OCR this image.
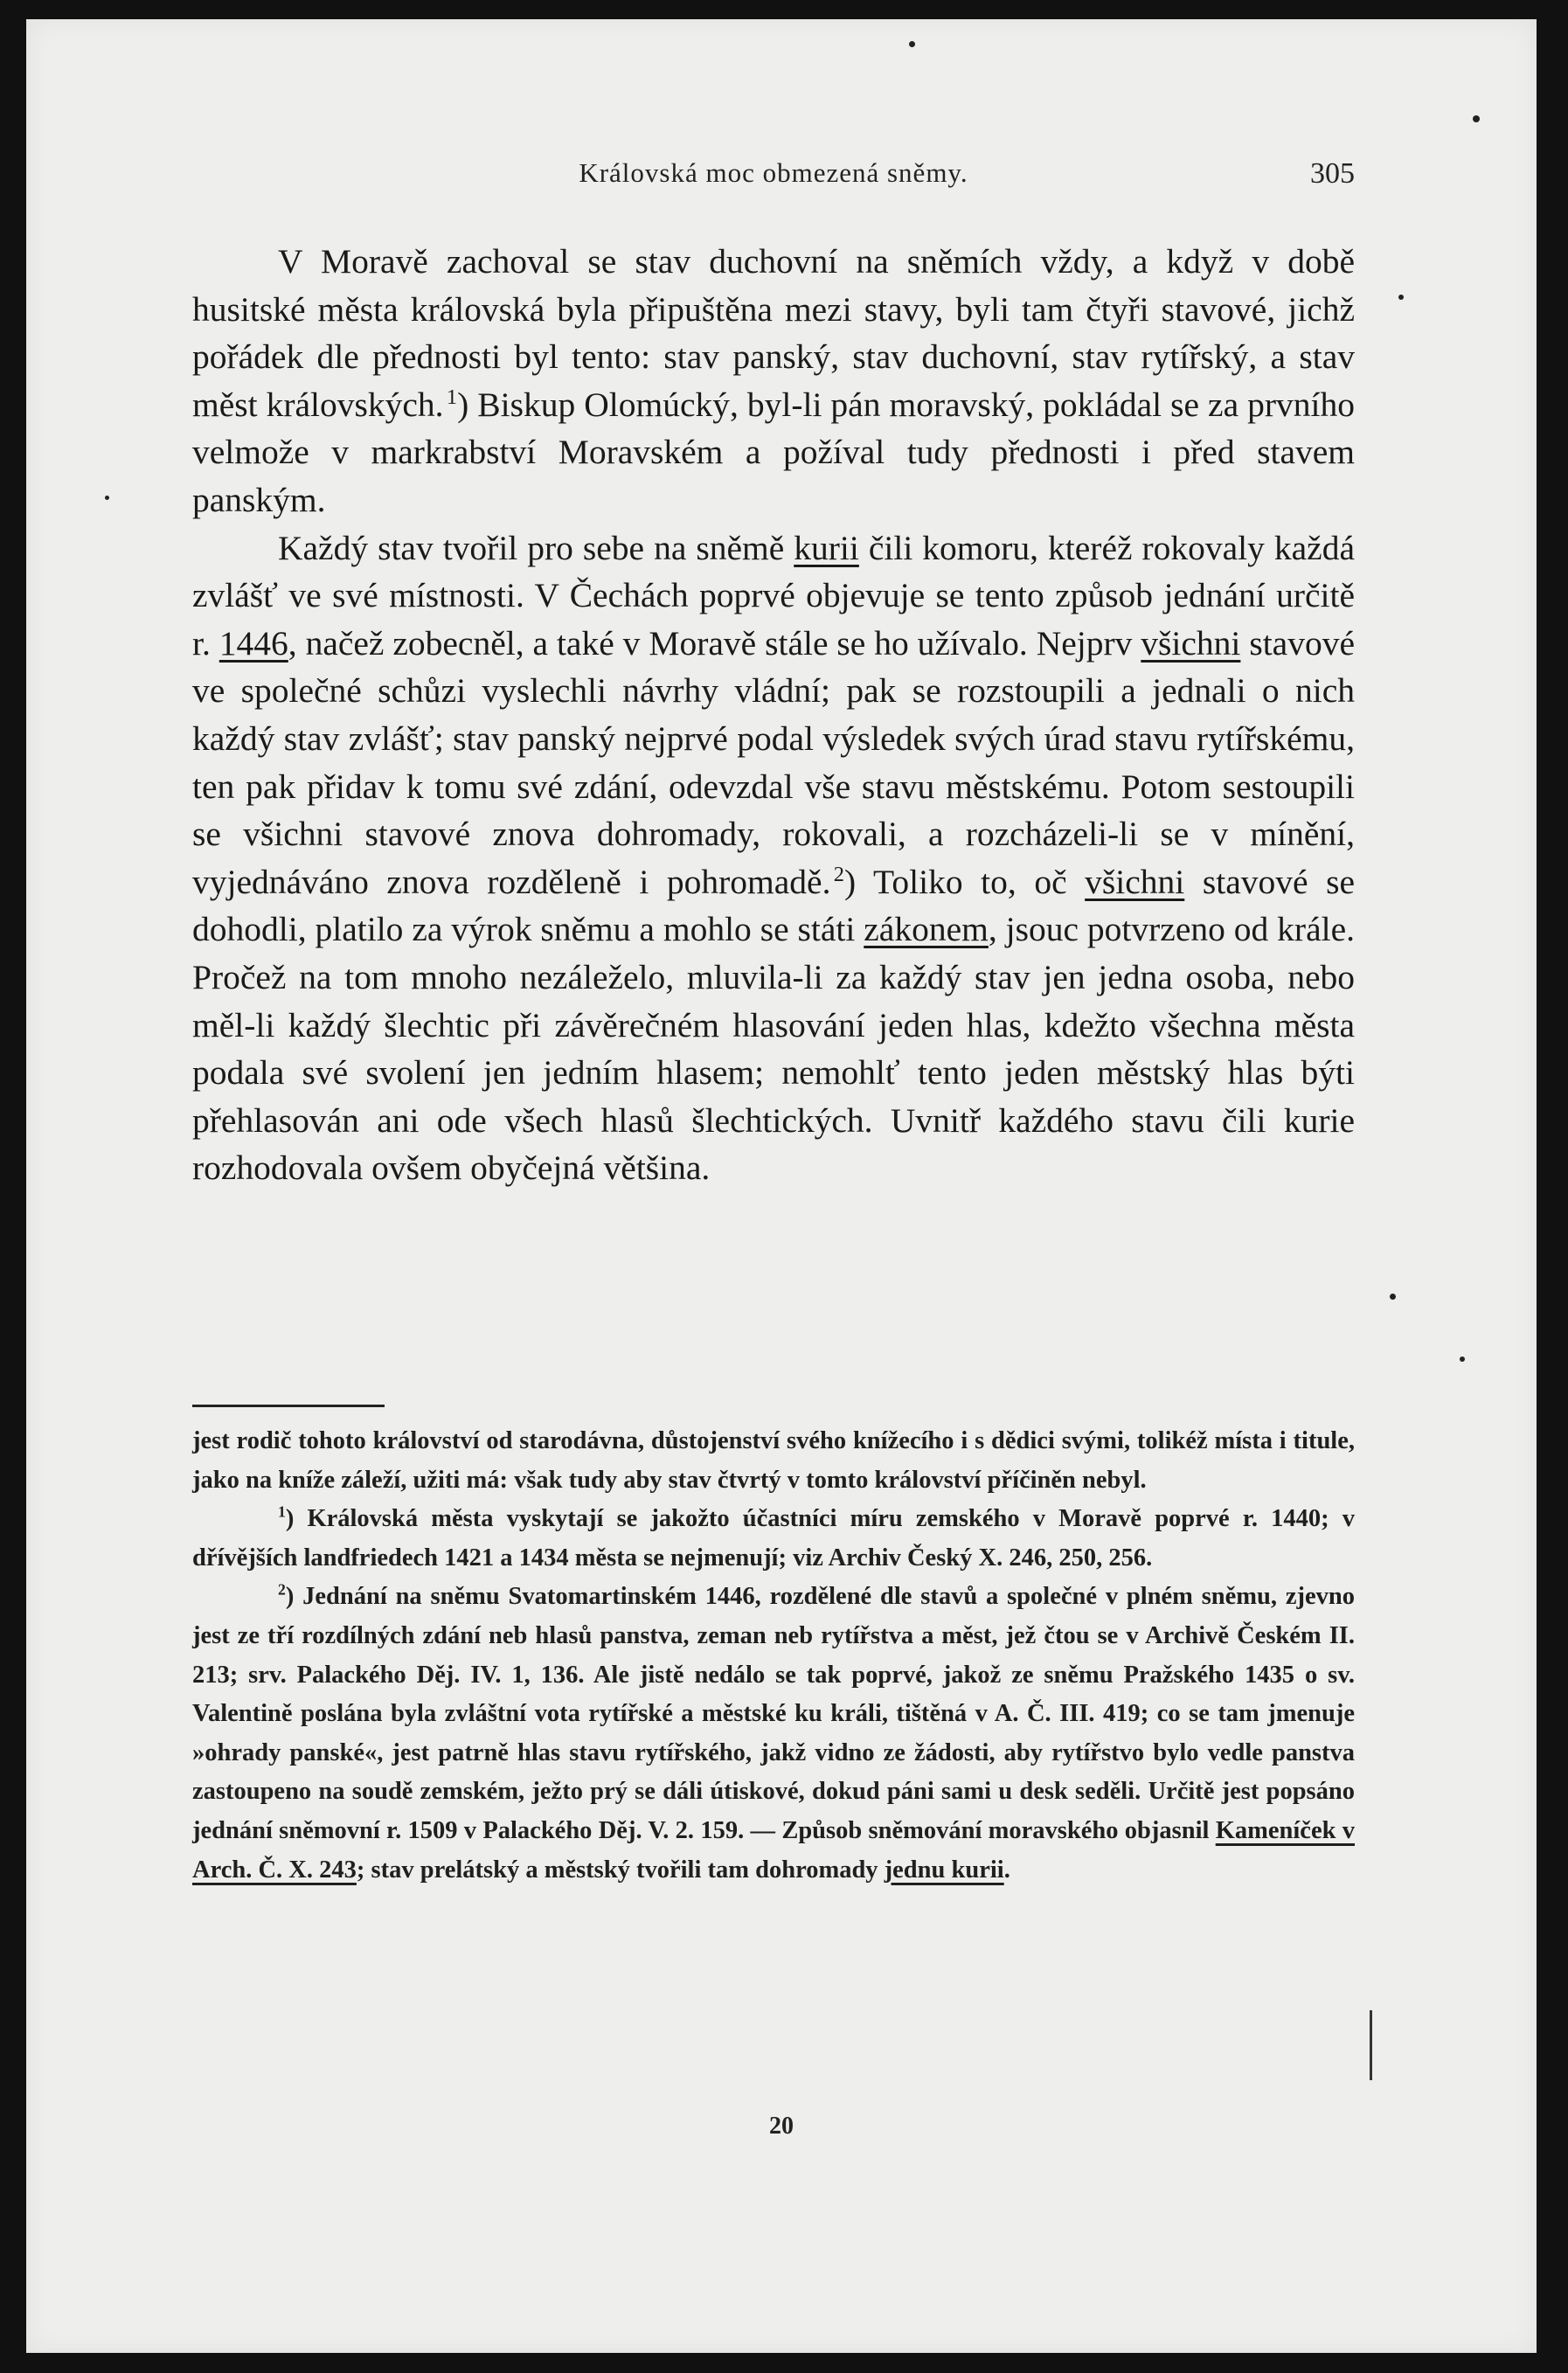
Královská moc obmezená sněmy.	305

V Moravě zachoval se stav duchovní na sněmích vždy, a když v době husitské města královská byla připuštěna mezi stavy, byli tam čtyři stavové, jichž pořádek dle přednosti byl tento: stav panský, stav duchovní, stav rytířský, a stav měst královských.  $^1$) Biskup Olomúcký, byl-li pán moravský, pokládal se za prvního velmože v markrabství Moravském a požíval tudy přednosti i před stavem panským.

Každý stav tvořil pro sebe na sněmě kurii čili komoru, kteréž rokovaly každá zvlášť ve své místnosti. V Čechách poprvé objevuje se tento způsob jednání určitě r. 1446, načež zobecněl, a také v Moravě stále se ho užívalo. Nejprv všichni stavové ve společné schůzi vyslechli návrhy vládní; pak se rozstoupili a jednali o nich každý stav zvlášť; stav panský nejprvé podal výsledek svých úrad stavu rytířskému, ten pak přidav k tomu své zdání, odevzdal vše stavu městskému. Potom sestoupili se všichni stavové znova dohromady, rokovali, a rozcházeli-li se v mínění, vyjednáváno znova rozděleně i pohromadě.  $^2$) Toliko to, oč všichni stavové se dohodli, platilo za výrok sněmu a mohlo se státi zákonem, jsouc potvrzeno od krále. Pročež na tom mnoho nezáleželo, mluvila-li za každý stav jen jedna osoba, nebo měl-li každý šlechtic při závěrečném hlasování jeden hlas, kdežto všechna města podala své svolení jen jedním hlasem; nemohlť tento jeden městský hlas býti přehlasován ani ode všech hlasů šlechtických. Uvnitř každého stavu čili kurie rozhodovala ovšem obyčejná většina.

jest rodič tohoto království od starodávna, důstojenství svého knížecího i s dědici svými, tolikéž místa i titule, jako na kníže záleží, užiti má: však tudy aby stav čtvrtý v tomto království příčiněn nebyl.

$^1$) Královská města vyskytají se jakožto účastníci míru zemského v Moravě poprvé r. 1440; v dřívějších landfriedech 1421 a 1434 města se nejmenují; viz Archiv Český X. 246, 250, 256.

$^2$) Jednání na sněmu Svatomartinském 1446, rozdělené dle stavů a společné v plném sněmu, zjevno jest ze tří rozdílných zdání neb hlasů panstva, zeman neb rytířstva a měst, jež čtou se v Archivě Českém II. 213; srv. Palackého Děj. IV. 1, 136. Ale jistě nedálo se tak poprvé, jakož ze sněmu Pražského 1435 o sv. Valentině poslána byla zvláštní vota rytířské a městské ku králi, tištěná v A. Č. III. 419; co se tam jmenuje »ohrady panské«, jest patrně hlas stavu rytířského, jakž vidno ze žádosti, aby rytířstvo bylo vedle panstva zastoupeno na soudě zemském, ježto prý se dáli útiskové, dokud páni sami u desk seděli. Určitě jest popsáno jednání sněmovní r. 1509 v Palackého Děj. V. 2. 159. — Způsob sněmování moravského objasnil Kameníček v Arch. Č. X. 243; stav prelátský a městský tvořili tam dohromady jednu kurii.

20
